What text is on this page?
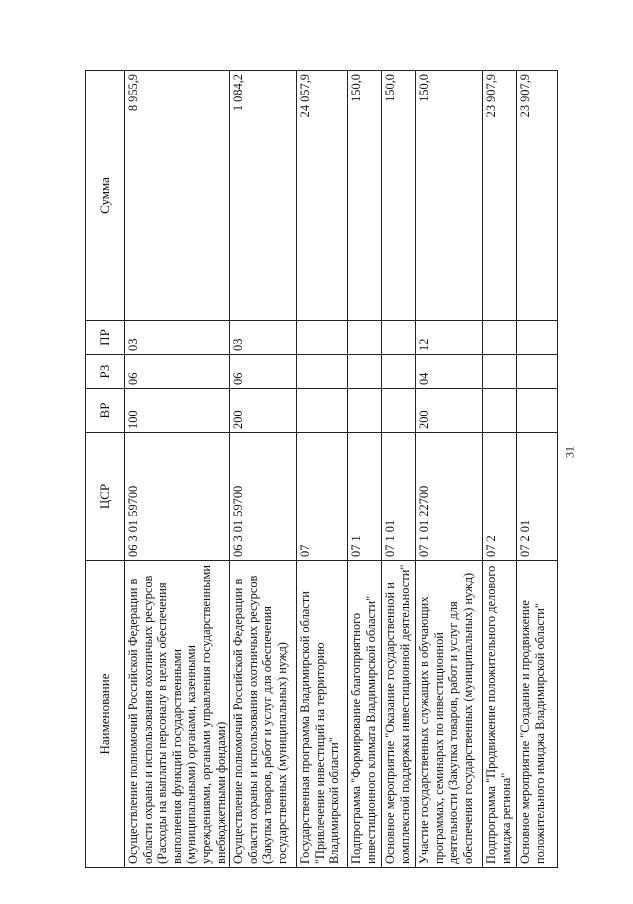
31
Наименование	ЦСР	ВР	РЗ	ПР	Сумма
Осуществление полномочий Российской Федерации в области охраны и использования охотничьих ресурсов (Расходы на выплаты персоналу в целях обеспечения выполнения функций государственными (муниципальными) органами, казенными учреждениями, органами управления государственными внебюджетными фондами)	06 3 01 59700	100	06	03	8 955,9
Осуществление полномочий Российской Федерации в области охраны и использования охотничьих ресурсов (Закупка товаров, работ и услуг для обеспечения государственных (муниципальных) нужд)	06 3 01 59700	200	06	03	1 084,2
Государственная программа Владимирской области "Привлечение инвестиций на территорию Владимирской области"	07				24 057,9
Подпрограмма "Формирование благоприятного инвестиционного климата Владимирской области"	07 1				150,0
Основное мероприятие "Оказание государственной и комплексной поддержки инвестиционной деятельности"	07 1 01				150,0
Участие государственных служащих в обучающих программах, семинарах по инвестиционной деятельности (Закупка товаров, работ и услуг для обеспечения государственных (муниципальных) нужд)	07 1 01 22700	200	04	12	150,0
Подпрограмма "Продвижение положительного делового имиджа региона"	07 2				23 907,9
Основное мероприятие "Создание и продвижение положительного имиджа Владимирской области"	07 2 01				23 907,9
